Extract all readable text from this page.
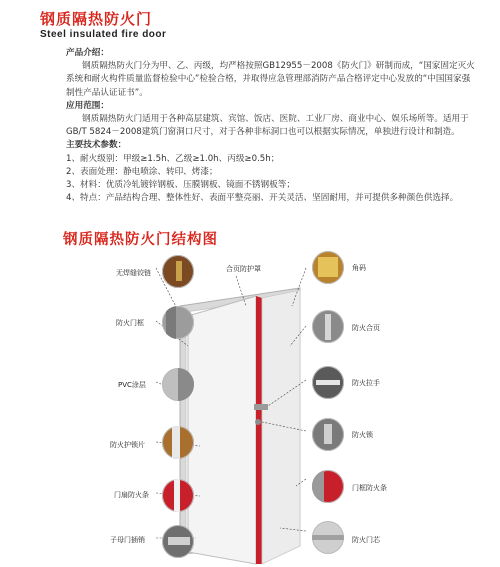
钢质隔热防火门
Steel insulated fire door
产品介绍：
钢质隔热防火门分为甲、乙、丙级，均严格按照GB12955－2008《防火门》研制而成，“国家固定灭火系统和耐火构件质量监督检验中心”检验合格，并取得应急管理部消防产品合格评定中心发放的“中国国家强制性产品认证证书”。
应用范围：
钢质隔热防火门适用于各种高层建筑、宾馆、饭店、医院、工业厂房、商业中心、娱乐场所等。适用于GB/T 5824－2008建筑门窗洞口尺寸，对于各种非标洞口也可以根据实际情况，单独进行设计和制造。
主要技术参数：
1、耐火级别：甲级≥1.5h、乙级≥1.0h、丙级≥0.5h；
2、表面处理：静电喷涂、转印、烤漆；
3、材料：优质冷轧镀锌钢板、压膜钢板、镜面不锈钢板等；
4、特点：产品结构合理、整体性好、表面平整亮丽、开关灵活、坚固耐用，并可提供多种颜色供选择。
钢质隔热防火门结构图
无焊缝铰链
防火门框
PVC涂层
防火护锁片
门扇防火条
子母门插销
合页防护罩	角码
防火合页
防火拉手
防火锁
门框防火条
防火门芯
